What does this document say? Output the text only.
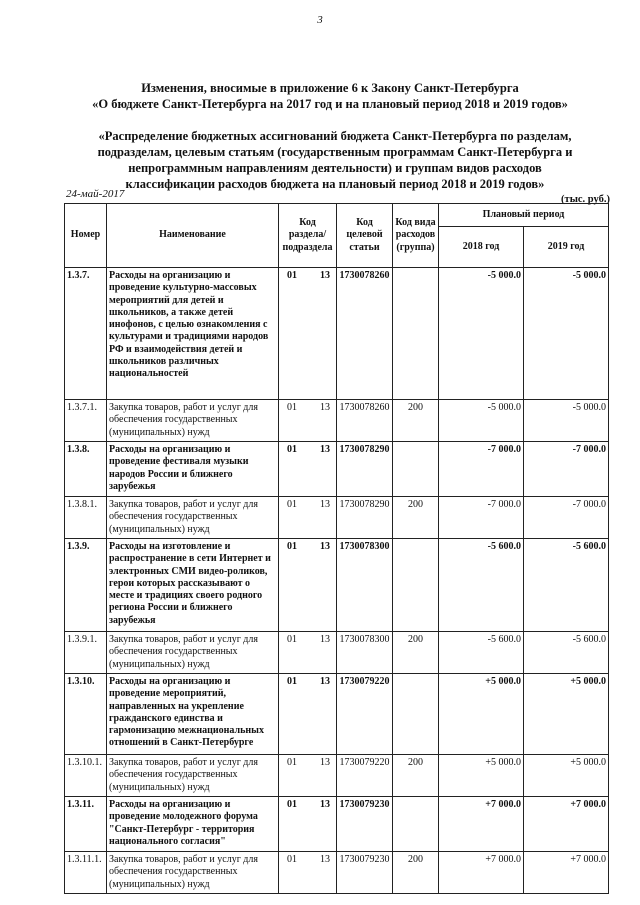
3
Изменения, вносимые в приложение 6 к Закону Санкт-Петербурга
«О бюджете Санкт-Петербурга на 2017 год и на плановый период 2018 и 2019 годов»
«Распределение бюджетных ассигнований бюджета Санкт-Петербурга по разделам,
подразделам, целевым статьям (государственным программам Санкт-Петербурга и
непрограммным направлениям деятельности) и группам видов расходов
классификации расходов бюджета на плановый период 2018 и 2019 годов»
24-май-2017	(тыс. руб.)
Номер	Наименование	Код раздела/ подраздела	Код целевой статьи	Код вида расходов (группа)	Плановый период	
					2018 год	2019 год
1.3.7.	Расходы на организацию и проведение культурно-массовых мероприятий для детей и школьников, а также детей инофонов, с целью ознакомления с культурами и традициями народов РФ и взаимодействия детей и школьников различных национальностей	01 13	1730078260		-5 000.0	-5 000.0
1.3.7.1.	Закупка товаров, работ и услуг для обеспечения государственных (муниципальных) нужд	01 13	1730078260	200	-5 000.0	-5 000.0
1.3.8.	Расходы на организацию и проведение фестиваля музыки народов России и ближнего зарубежья	01 13	1730078290		-7 000.0	-7 000.0
1.3.8.1.	Закупка товаров, работ и услуг для обеспечения государственных (муниципальных) нужд	01 13	1730078290	200	-7 000.0	-7 000.0
1.3.9.	Расходы на изготовление и распространение в сети Интернет и электронных СМИ видео-роликов, герои которых рассказывают о месте и традициях своего родного региона России и ближнего зарубежья	01 13	1730078300		-5 600.0	-5 600.0
1.3.9.1.	Закупка товаров, работ и услуг для обеспечения государственных (муниципальных) нужд	01 13	1730078300	200	-5 600.0	-5 600.0
1.3.10.	Расходы на организацию и проведение мероприятий, направленных на укрепление гражданского единства и гармонизацию межнациональных отношений в Санкт-Петербурге	01 13	1730079220		+5 000.0	+5 000.0
1.3.10.1.	Закупка товаров, работ и услуг для обеспечения государственных (муниципальных) нужд	01 13	1730079220	200	+5 000.0	+5 000.0
1.3.11.	Расходы на организацию и проведение молодежного форума "Санкт-Петербург - территория национального согласия"	01 13	1730079230		+7 000.0	+7 000.0
1.3.11.1.	Закупка товаров, работ и услуг для обеспечения государственных (муниципальных) нужд	01 13	1730079230	200	+7 000.0	+7 000.0
